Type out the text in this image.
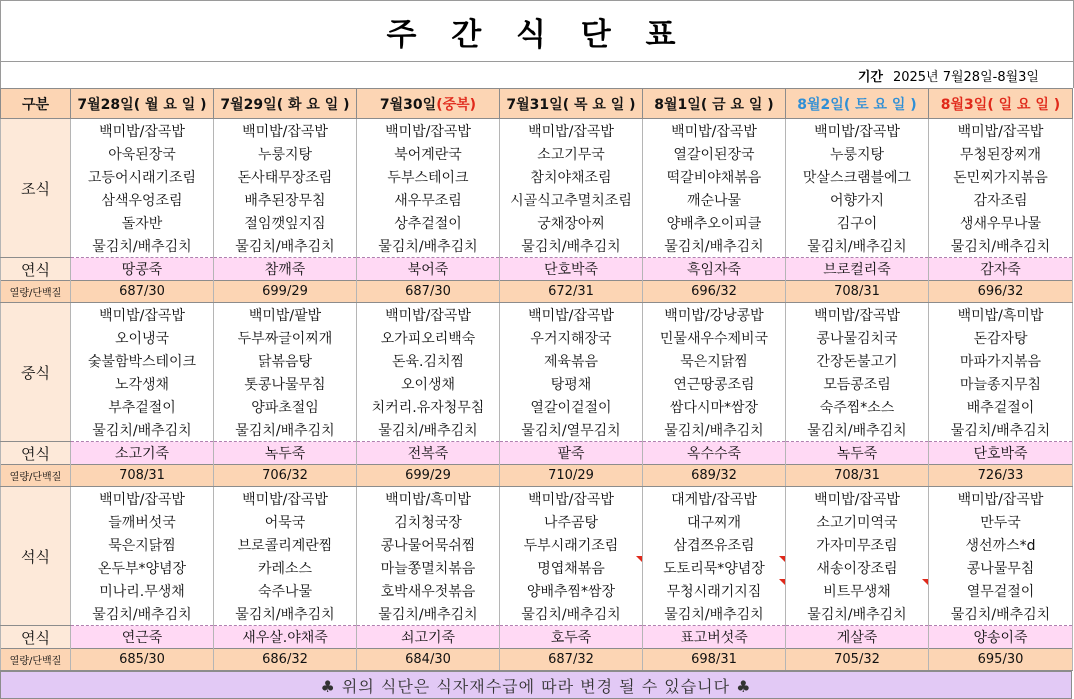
주 간 식 단 표
기간 2025년 7월28일-8월3일
구분	7월28일( 월 요 일 )	7월29일( 화 요 일 )	7월30일(중복)	7월31일( 목 요 일 )	8월1일( 금 요 일 )	8월2일( 토 요 일 )	8월3일( 일 요 일 )
조식	백미밥/잡곡밥	백미밥/잡곡밥	백미밥/잡곡밥	백미밥/잡곡밥	백미밥/잡곡밥	백미밥/잡곡밥	백미밥/잡곡밥
	아욱된장국	누룽지탕	북어계란국	소고기무국	열갈이된장국	누룽지탕	무청된장찌개
	고등어시래기조림	돈사태무장조림	두부스테이크	참치야채조림	떡갈비야채볶음	맛살스크램블에그	돈민찌가지볶음
	삼색우엉조림	배추된장무침	새우무조림	시골식고추멸치조림	깨순나물	어향가지	감자조림
	돌자반	절임깻잎지짐	상추겉절이	궁채장아찌	양배추오이피클	김구이	생새우무나물
	물김치/배추김치	물김치/배추김치	물김치/배추김치	물김치/배추김치	물김치/배추김치	물김치/배추김치	물김치/배추김치
연식	땅콩죽	참깨죽	북어죽	단호박죽	흑임자죽	브로컬리죽	감자죽
열량/단백질	687/30	699/29	687/30	672/31	696/32	708/31	696/32
중식	백미밥/잡곡밥	백미밥/팥밥	백미밥/잡곡밥	백미밥/잡곡밥	백미밥/강낭콩밥	백미밥/잡곡밥	백미밥/흑미밥
	오이냉국	두부짜글이찌개	오가피오리백숙	우거지해장국	민물새우수제비국	콩나물김치국	돈감자탕
	숯불함박스테이크	닭볶음탕	돈육.김치찜	제육볶음	묵은지닭찜	간장돈불고기	마파가지볶음
	노각생채	톳콩나물무침	오이생채	탕평채	연근땅콩조림	모듬콩조림	마늘종지무침
	부추겉절이	양파초절임	치커리.유자청무침	열갈이겉절이	쌈다시마*쌈장	숙주찜*소스	배추겉절이
	물김치/배추김치	물김치/배추김치	물김치/배추김치	물김치/열무김치	물김치/배추김치	물김치/배추김치	물김치/배추김치
연식	소고기죽	녹두죽	전복죽	팥죽	옥수수죽	녹두죽	단호박죽
열량/단백질	708/31	706/32	699/29	710/29	689/32	708/31	726/33
석식	백미밥/잡곡밥	백미밥/잡곡밥	백미밥/흑미밥	백미밥/잡곡밥	대게밥/잡곡밥	백미밥/잡곡밥	백미밥/잡곡밥
	들깨버섯국	어묵국	김치청국장	나주곰탕	대구찌개	소고기미역국	만두국
	묵은지닭찜	브로콜리계란찜	콩나물어묵쉬찜	두부시래기조림	삼겹쯔유조림	가자미무조림	생선까스*d
	온두부*양념장	카레소스	마늘쫑멸치볶음	명엽채볶음	도토리묵*양념장	새송이장조림	콩나물무침
	미나리.무생채	숙주나물	호박새우젓볶음	양배추찜*쌈장	무청시래기지짐	비트무생채	열무겉절이
	물김치/배추김치	물김치/배추김치	물김치/배추김치	물김치/배추김치	물김치/배추김치	물김치/배추김치	물김치/배추김치
연식	연근죽	새우살.야채죽	쇠고기죽	호두죽	표고버섯죽	게살죽	양송이죽
열량/단백질	685/30	686/32	684/30	687/32	698/31	705/32	695/30
♣ 위의 식단은 식자재수급에 따라 변경 될 수 있습니다 ♣
